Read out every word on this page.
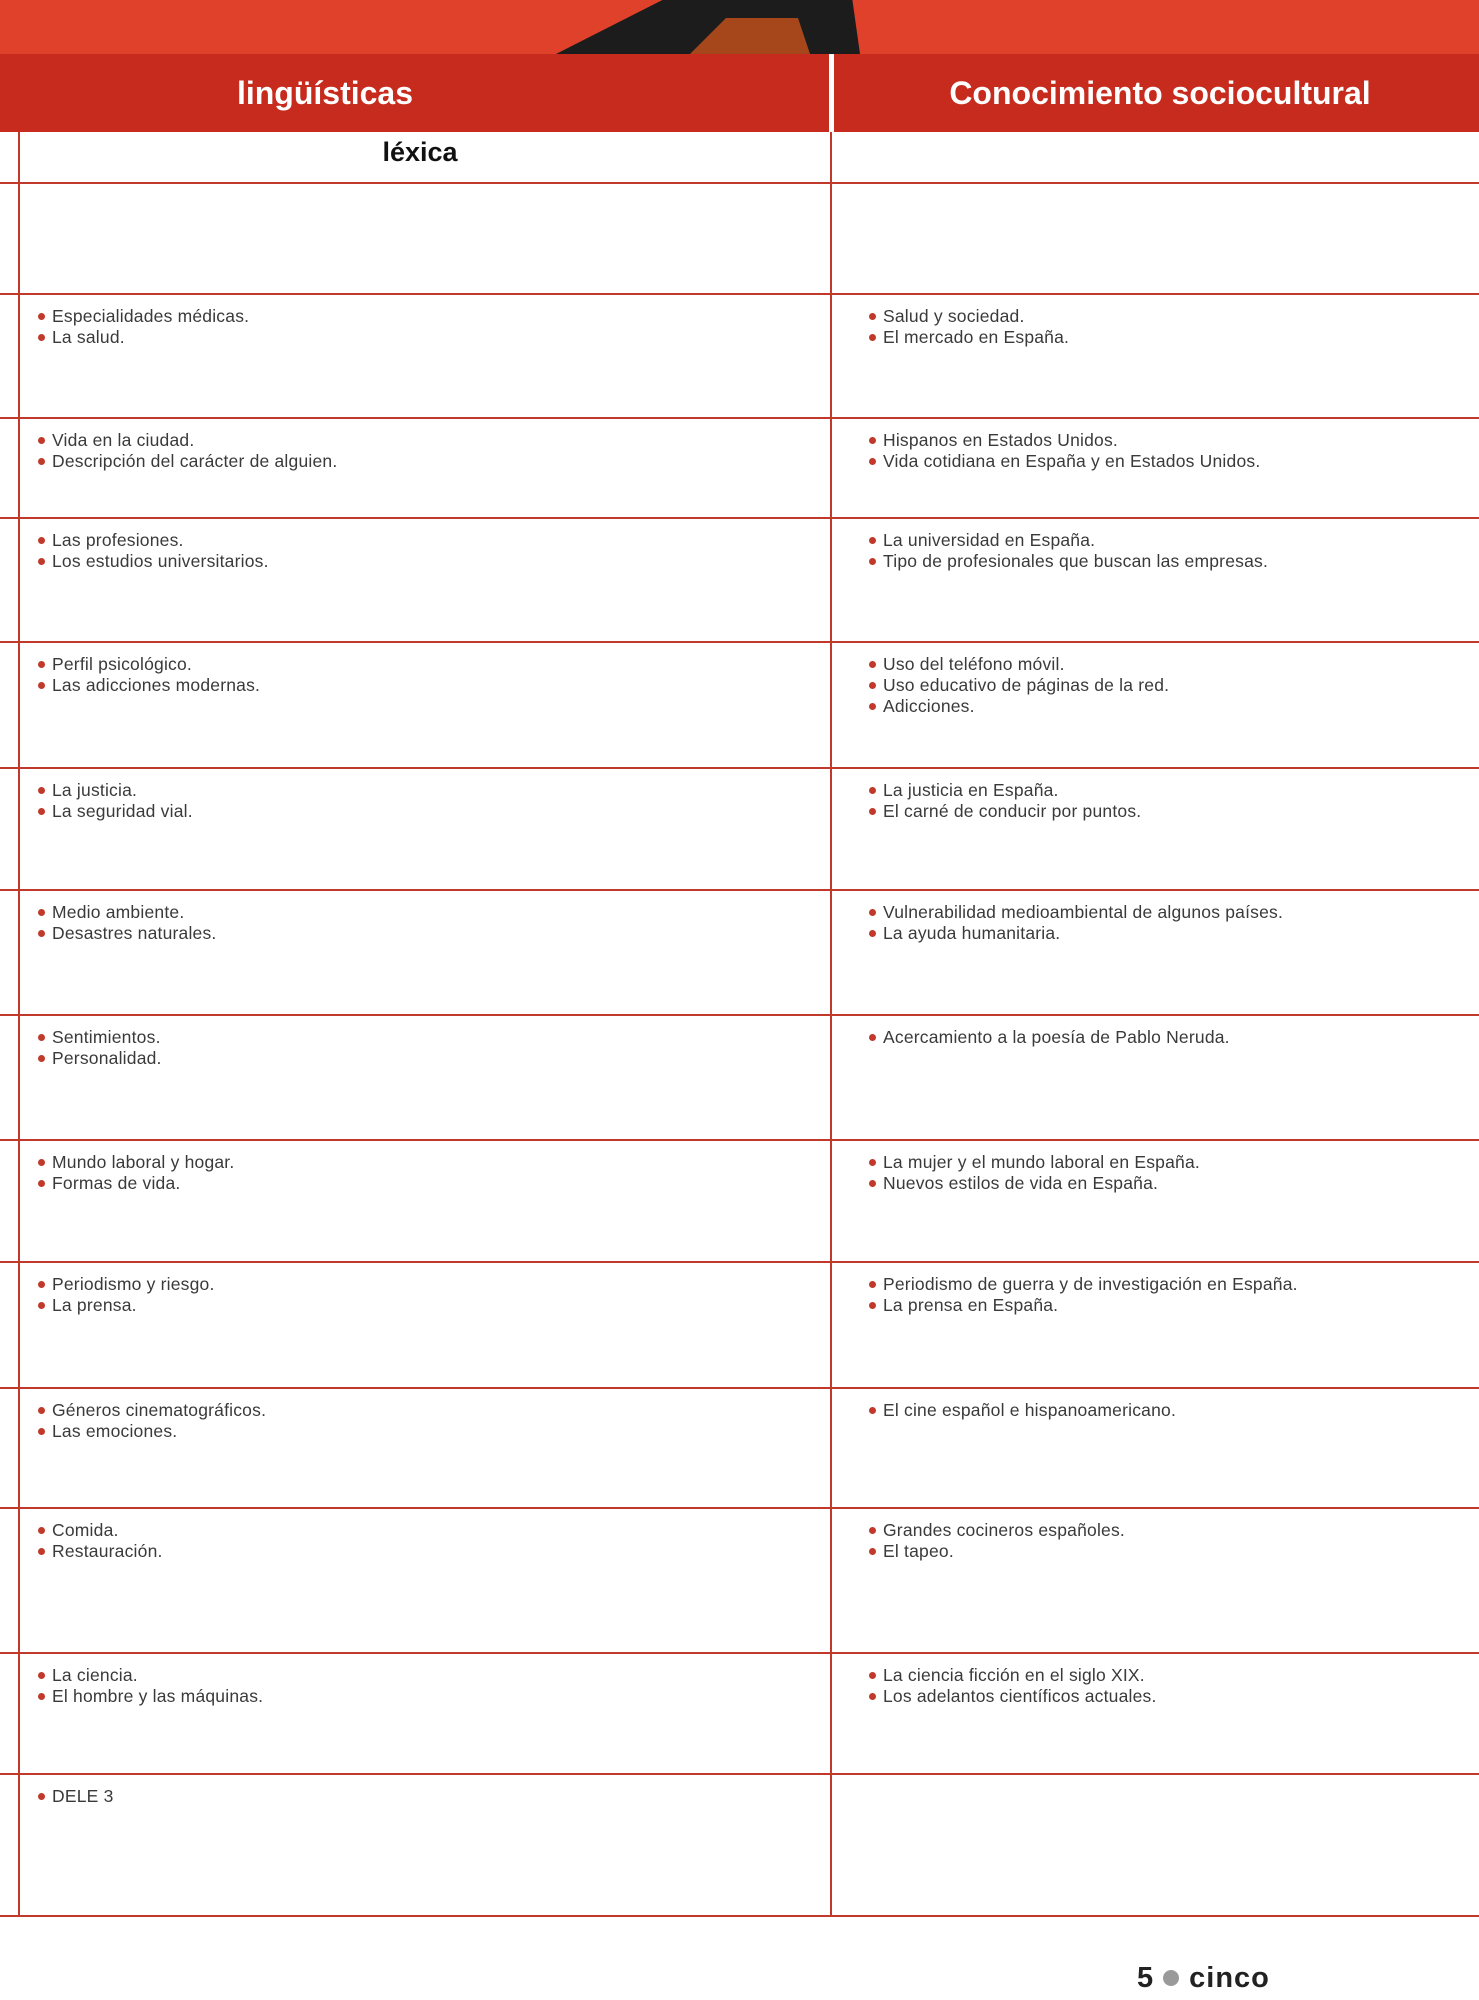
lingüísticas	Conocimiento sociocultural
léxica
Especialidades médicas.
La salud.
Salud y sociedad.
El mercado en España.
Vida en la ciudad.
Descripción del carácter de alguien.
Hispanos en Estados Unidos.
Vida cotidiana en España y en Estados Unidos.
Las profesiones.
Los estudios universitarios.
La universidad en España.
Tipo de profesionales que buscan las empresas.
Perfil psicológico.
Las adicciones modernas.
Uso del teléfono móvil.
Uso educativo de páginas de la red.
Adicciones.
La justicia.
La seguridad vial.
La justicia en España.
El carné de conducir por puntos.
Medio ambiente.
Desastres naturales.
Vulnerabilidad medioambiental de algunos países.
La ayuda humanitaria.
Sentimientos.
Personalidad.
Acercamiento a la poesía de Pablo Neruda.
Mundo laboral y hogar.
Formas de vida.
La mujer y el mundo laboral en España.
Nuevos estilos de vida en España.
Periodismo y riesgo.
La prensa.
Periodismo de guerra y de investigación en España.
La prensa en España.
Géneros cinematográficos.
Las emociones.
El cine español e hispanoamericano.
Comida.
Restauración.
Grandes cocineros españoles.
El tapeo.
La ciencia.
El hombre y las máquinas.
La ciencia ficción en el siglo XIX.
Los adelantos científicos actuales.
DELE 3
5 cinco
